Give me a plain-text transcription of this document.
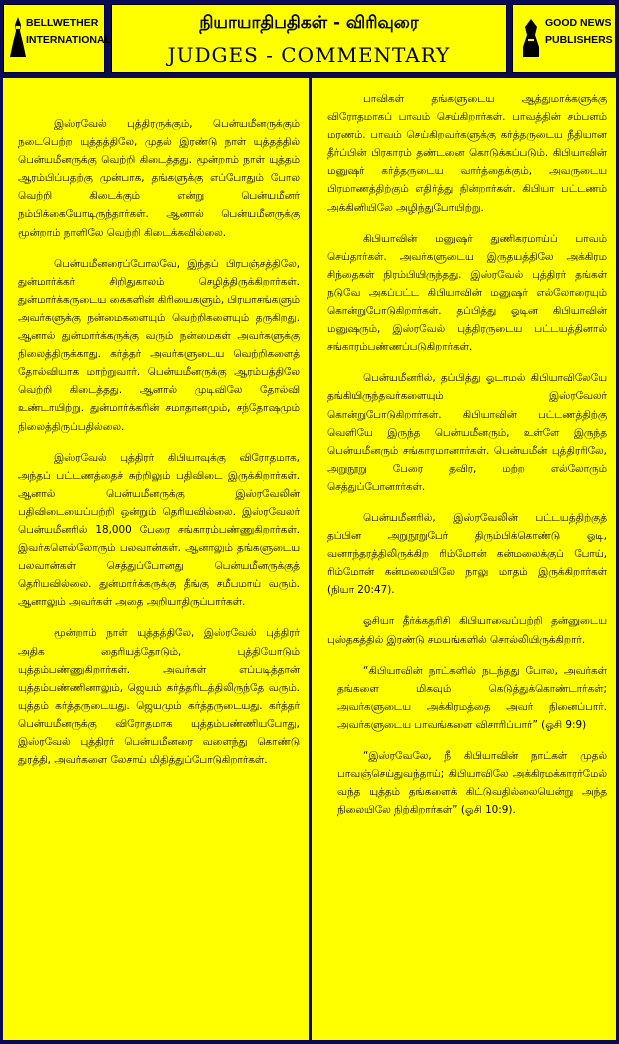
BELLWETHER
INTERNATIONAL
நியாயாதிபதிகள் - விரிவுரை
JUDGES - COMMENTARY
GOOD NEWS
PUBLISHERS

இஸ்ரவேல் புத்திரருக்கும், பென்யமீனருக்கும் நடைபெற்ற யுத்தத்திலே, முதல் இரண்டு நாள் யுத்தத்தில் பென்யமீனருக்கு வெற்றி கிடைத்தது. மூன்றாம் நாள் யுத்தம் ஆரம்பிப்பதற்கு முன்பாக, தங்களுக்கு எப்போதும் போல வெற்றி கிடைக்கும் என்று பென்யமீனர் நம்பிக்கையோடிருந்தார்கள். ஆனால் பென்யமீனருக்கு மூன்றாம் நாளிலே வெற்றி கிடைக்கவில்லை.

பென்யமீனரைப்போலவே, இந்தப் பிரபஞ்சத்திலே, துன்மார்க்கர் சிறிதுகாலம் செழித்திருக்கிறார்கள். துன்மார்க்கருடைய கைகளின் கிரியைகளும், பிரயாசங்களும் அவர்களுக்கு நன்மைகளையும் வெற்றிகளையும் தருகிறது. ஆனால் துன்மார்க்கருக்கு வரும் நன்மைகள் அவர்களுக்கு நிலைத்திருக்காது. கர்த்தர் அவர்களுடைய வெற்றிகளைத் தோல்வியாக மாற்றுவார். பென்யமீனருக்கு ஆரம்பத்திலே வெற்றி கிடைத்தது. ஆனால் முடிவிலே தோல்வி உண்டாயிற்று. துன்மார்க்கரின் சமாதானமும், சந்தோஷமும் நிலைத்திருப்பதில்லை.

இஸ்ரவேல் புத்திரர் கிபியாவுக்கு விரோதமாக, அந்தப் பட்டணத்தைச் சுற்றிலும் பதிவிடை இருக்கிறார்கள். ஆனால் பென்யமீனருக்கு இஸ்ரவேலின் பதிவிடையைப்பற்றி ஒன்றும் தெரியவில்லை. இஸ்ரவேலர் பென்யமீனரில் 18,000 பேரை சங்காரம்பண்ணுகிறார்கள். இவர்களெல்லோரும் பலவான்கள். ஆனாலும் தங்களுடைய பலவான்கள் செத்துப்போனது பென்யமீனருக்குத் தெரியவில்லை. துன்மார்க்கருக்கு தீங்கு சமீபமாய் வரும். ஆனாலும் அவர்கள் அதை அறியாதிருப்பார்கள்.

மூன்றாம் நாள் யுத்தத்திலே, இஸ்ரவேல் புத்திரர் அதிக தைரியத்தோடும், புத்தியோடும் யுத்தம்பண்ணுகிறார்கள். அவர்கள் எப்படித்தான் யுத்தம்பண்ணினாலும், ஜெயம் கர்த்தரிடத்திலிருந்தே வரும். யுத்தம் கர்த்தருடையது. ஜெயமும் கர்த்தருடையது. கர்த்தர் பென்யமீனருக்கு விரோதமாக யுத்தம்பண்ணியபோது, இஸ்ரவேல் புத்திரர் பென்யமீனரை வளைந்து கொண்டு துரத்தி, அவர்களை லேசாய் மிதித்துப்போடுகிறார்கள்.

பாவிகள் தங்களுடைய ஆத்துமாக்களுக்கு விரோதமாகப் பாவம் செய்கிறார்கள். பாவத்தின் சம்பளம் மரணம். பாவம் செய்கிறவர்களுக்கு கர்த்தருடைய நீதியான தீர்ப்பின் பிரகாரம் தண்டனை கொடுக்கப்படும். கிபியாவின் மனுஷர் கர்த்தருடைய வார்த்தைக்கும், அவருடைய பிரமாணத்திற்கும் எதிர்த்து நின்றார்கள். கிபியா பட்டணம் அக்கினியிலே அழிந்துபோயிற்று.

கிபியாவின் மனுஷர் துணிகரமாய்ப் பாவம் செய்தார்கள். அவர்களுடைய இருதயத்திலே அக்கிரம சிந்தைகள் நிரம்பியிருந்தது. இஸ்ரவேல் புத்திரர் தங்கள் நடுவே அகப்பட்ட கிபியாவின் மனுஷர் எல்லோரையும் கொன்றுபோடுகிறார்கள். தப்பித்து ஓடின கிபியாவின் மனுஷரும், இஸ்ரவேல் புத்திரருடைய பட்டயத்தினால் சங்காரம்பண்ணப்படுகிறார்கள்.

பென்யமீனரில், தப்பித்து ஓடாமல் கிபியாவிலேயே தங்கியிருந்தவர்களையும் இஸ்ரவேலர் கொன்றுபோடுகிறார்கள். கிபியாவின் பட்டணத்திற்கு வெளியே இருந்த பென்யமீனரும், உள்ளே இருந்த பென்யமீனரும் சங்காரமானார்கள். பென்யமீன் புத்திரரிலே, அறுநூறு பேரை தவிர, மற்ற எல்லோரும் செத்துப்போனார்கள்.

பென்யமீனரில், இஸ்ரவேலின் பட்டயத்திற்குத் தப்பின அறுநூறுபேர் திரும்பிக்கொண்டு ஓடி, வனாந்தரத்திலிருக்கிற ரிம்மோன் கன்மலைக்குப் போய், ரிம்மோன் கன்மலையிலே நாலு மாதம் இருக்கிறார்கள் (நியா 20:47).

ஓசியா தீர்க்கதரிசி கிபியாவைப்பற்றி தன்னுடைய புஸ்தகத்தில் இரண்டு சமயங்களில் சொல்லியிருக்கிறார்.

“கிபியாவின் நாட்களில் நடந்தது போல, அவர்கள் தங்களை மிகவும் கெடுத்துக்கொண்டார்கள்; அவர்களுடைய அக்கிரமத்தை அவர் நினைப்பார். அவர்களுடைய பாவங்களை விசாரிப்பார்” (ஓசி 9:9)

“இஸ்ரவேலே, நீ கிபியாவின் நாட்கள் முதல் பாவஞ்செய்துவந்தாய்; கிபியாவிலே அக்கிரமக்காரர்மேல் வந்த யுத்தம் தங்களைக் கிட்டுவதில்லையென்று அந்த நிலையிலே நிற்கிறார்கள்” (ஓசி 10:9).
